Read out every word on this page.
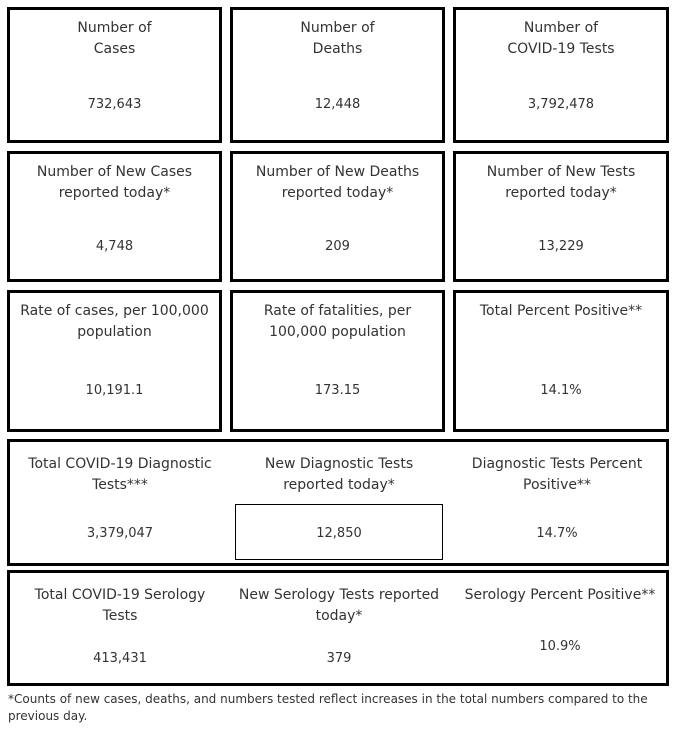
Number of
Cases
732,643
Number of
Deaths
12,448
Number of
COVID-19 Tests
3,792,478
Number of New Cases
reported today*
4,748
Number of New Deaths
reported today*
209
Number of New Tests
reported today*
13,229
Rate of cases, per 100,000
population
10,191.1
Rate of fatalities, per
100,000 population
173.15
Total Percent Positive**
14.1%
Total COVID-19 Diagnostic
Tests***
3,379,047
New Diagnostic Tests
reported today*
12,850
Diagnostic Tests Percent
Positive**
14.7%
Total COVID-19 Serology
Tests
413,431
New Serology Tests reported
today*
379
Serology Percent Positive**
10.9%
*Counts of new cases, deaths, and numbers tested reflect increases in the total numbers compared to the previous day.
